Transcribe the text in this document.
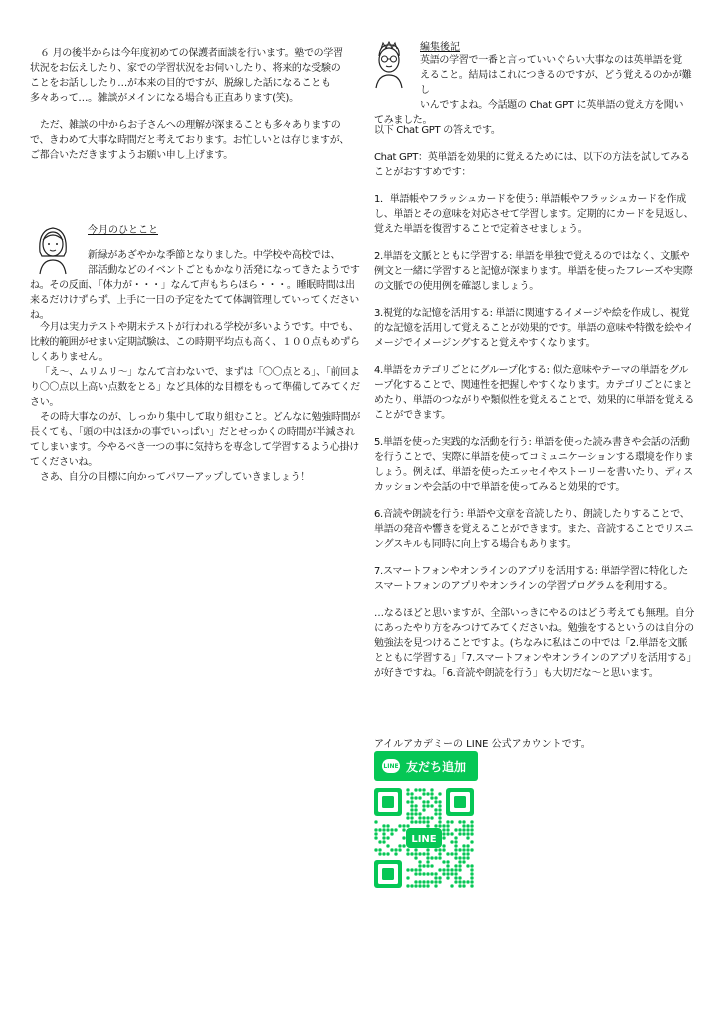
６ 月の後半からは今年度初めての保護者面談を行います。塾での学習状況をお伝えしたり、家での学習状況をお伺いしたり、将来的な受験のことをお話ししたり…が本来の目的ですが、脱線した話になることも多々あって…。雑談がメインになる場合も正直あります(笑)。

ただ、雑談の中からお子さんへの理解が深まることも多々ありますので、きわめて大事な時間だと考えております。お忙しいとは存じますが、ご都合いただきますようお願い申し上げます。

今月のひとこと

新緑があざやかな季節となりました。中学校や高校では、

部活動などのイベントごともかなり活発になってきたようです

ね。その反面、「体力が・・・」なんて声もちらほら・・・。睡眠時間は出来るだけけずらず、上手に一日の予定をたてて体調管理していってくださいね。

今月は実力テストや期末テストが行われる学校が多いようです。中でも、比較的範囲がせまい定期試験は、この時期平均点も高く、１００点もめずらしくありません。

「え～、ムリムリ～」なんて言わないで、まずは「〇〇点とる」、「前回より〇〇点以上高い点数をとる」など具体的な目標をもって準備してみてください。

その時大事なのが、しっかり集中して取り組むこと。どんなに勉強時間が長くても、「頭の中はほかの事でいっぱい」だとせっかくの時間が半減されてしまいます。今やるべき一つの事に気持ちを専念して学習するよう心掛けてくださいね。

さあ、自分の目標に向かってパワーアップしていきましょう！

編集後記

英語の学習で一番と言っていいぐらい大事なのは英単語を覚

えること。結局はこれにつきるのですが、どう覚えるのかが難し

いんですよね。今話題の Chat GPT に英単語の覚え方を聞い

てみました。

以下 Chat GPT の答えです。

Chat GPT：英単語を効果的に覚えるためには、以下の方法を試してみることがおすすめです：

1．単語帳やフラッシュカードを使う: 単語帳やフラッシュカードを作成し、単語とその意味を対応させて学習します。定期的にカードを見返し、覚えた単語を復習することで定着させましょう。

2.単語を文脈とともに学習する: 単語を単独で覚えるのではなく、文脈や例文と一緒に学習すると記憶が深まります。単語を使ったフレーズや実際の文脈での使用例を確認しましょう。

3.視覚的な記憶を活用する: 単語に関連するイメージや絵を作成し、視覚的な記憶を活用して覚えることが効果的です。単語の意味や特徴を絵やイメージでイメージングすると覚えやすくなります。

4.単語をカテゴリごとにグループ化する: 似た意味やテーマの単語をグループ化することで、関連性を把握しやすくなります。カテゴリごとにまとめたり、単語のつながりや類似性を覚えることで、効果的に単語を覚えることができます。

5.単語を使った実践的な活動を行う: 単語を使った読み書きや会話の活動を行うことで、実際に単語を使ってコミュニケーションする環境を作りましょう。例えば、単語を使ったエッセイやストーリーを書いたり、ディスカッションや会話の中で単語を使ってみると効果的です。

6.音読や朗読を行う: 単語や文章を音読したり、朗読したりすることで、単語の発音や響きを覚えることができます。また、音読することでリスニングスキルも同時に向上する場合もあります。

7.スマートフォンやオンラインのアプリを活用する: 単語学習に特化したスマートフォンのアプリやオンラインの学習プログラムを利用する。

…なるほどと思いますが、全部いっきにやるのはどう考えても無理。自分にあったやり方をみつけてみてくださいね。勉強をするというのは自分の勉強法を見つけることですよ。(ちなみに私はこの中では「2.単語を文脈とともに学習する」「7.スマートフォンやオンラインのアプリを活用する」が好きですね。「6.音読や朗読を行う」も大切だな～と思います。

アイルアカデミーの LINE 公式アカウントです。
LINE 友だち追加
LINE
